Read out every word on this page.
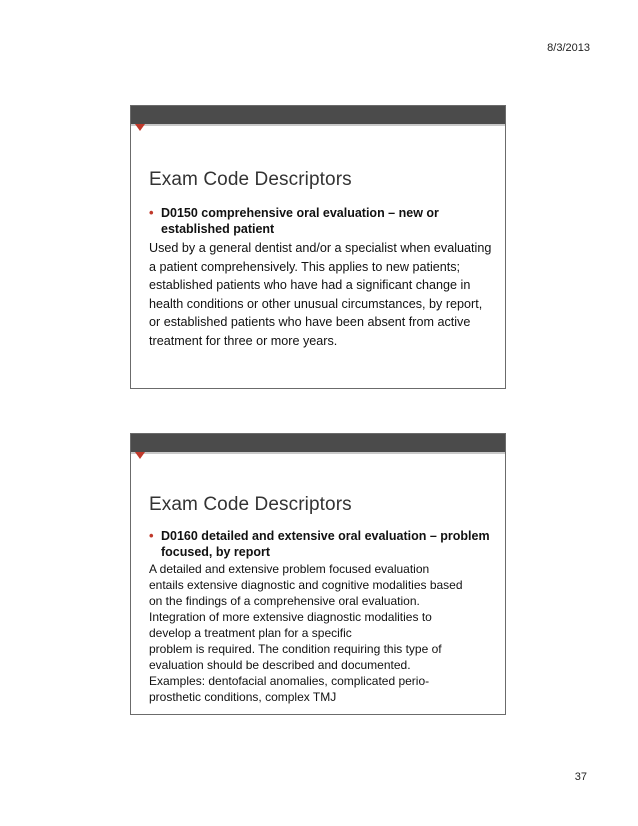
8/3/2013
Exam Code Descriptors
• D0150 comprehensive oral evaluation – new or established patient
Used by a general dentist and/or a specialist when evaluating a patient comprehensively. This applies to new patients; established patients who have had a significant change in health conditions or other unusual circumstances, by report, or established patients who have been absent from active treatment for three or more years.
Exam Code Descriptors
• D0160 detailed and extensive oral evaluation – problem focused, by report
A detailed and extensive problem focused evaluation
entails extensive diagnostic and cognitive modalities based
on the findings of a comprehensive oral evaluation.
Integration of more extensive diagnostic modalities to
develop a treatment plan for a specific
problem is required. The condition requiring this type of
evaluation should be described and documented.
Examples: dentofacial anomalies, complicated perio-
prosthetic conditions, complex TMJ
37
